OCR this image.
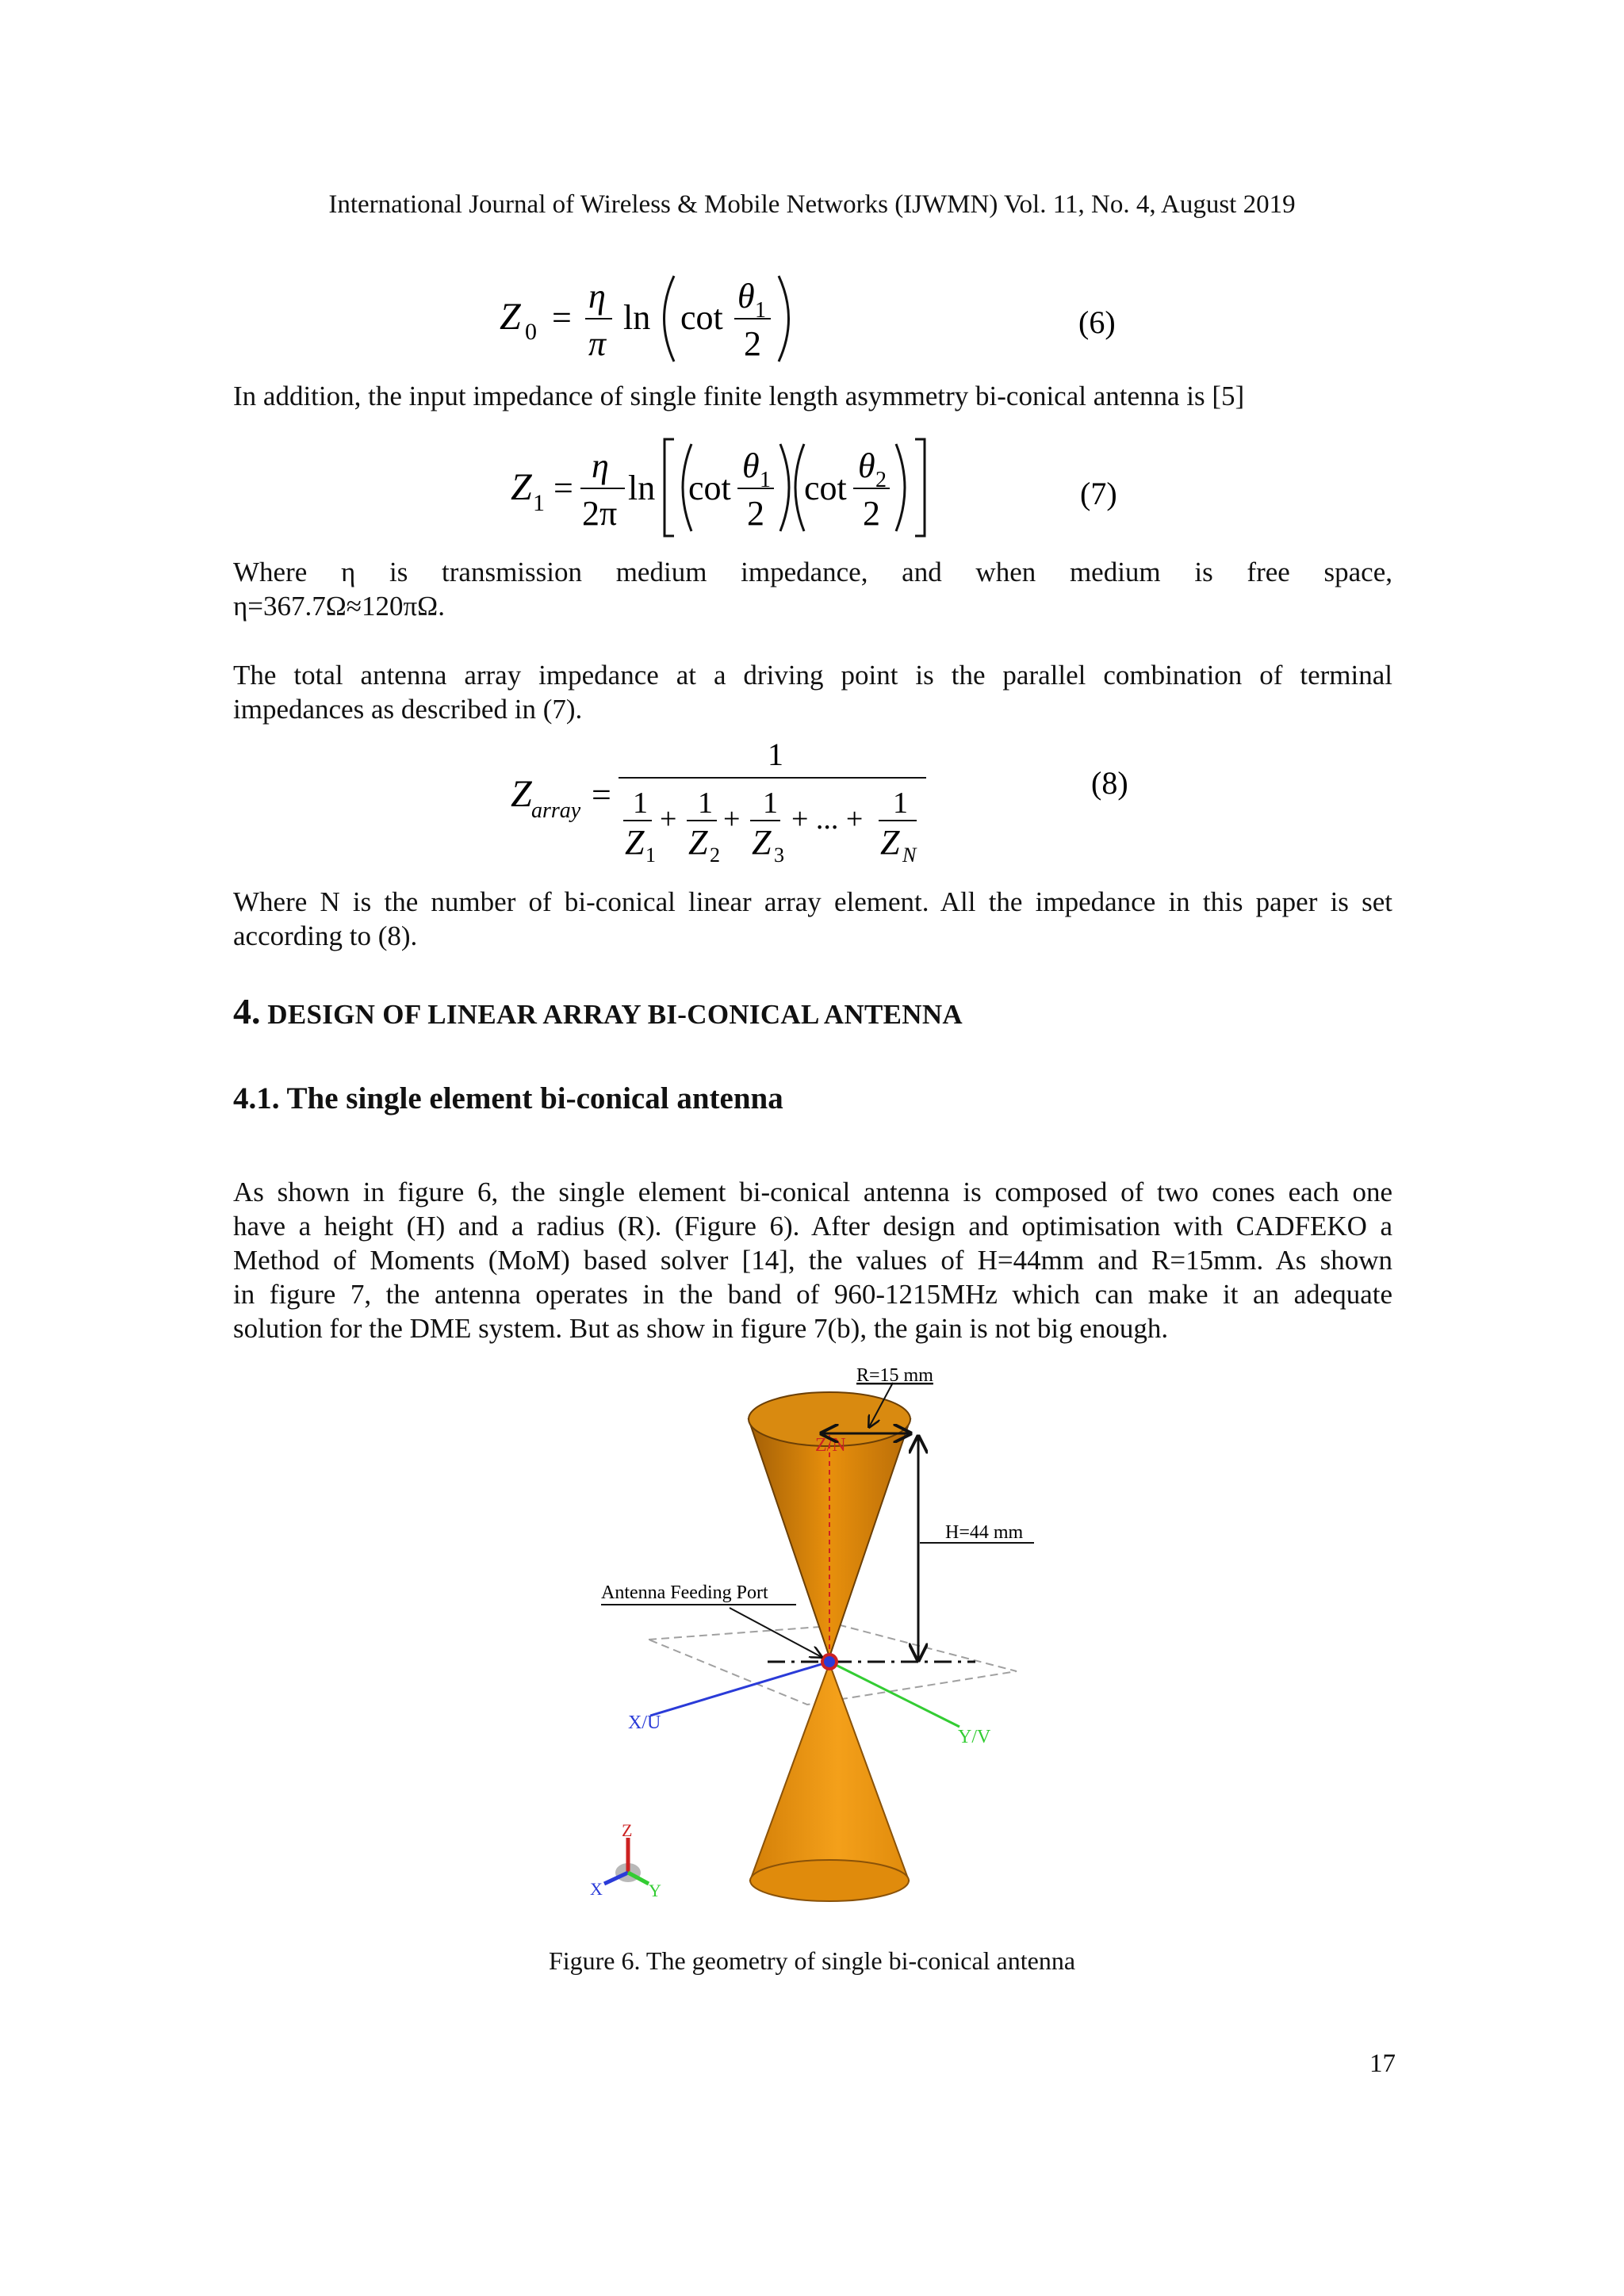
International Journal of Wireless & Mobile Networks (IJWMN) Vol. 11, No. 4, August 2019
Z 0 =
η
π
ln cot
θ 1
2
(6)
In addition, the input impedance of single finite length asymmetry bi-conical antenna is [5]
Z 1 =
η
2π
ln cot
θ 1
2
cot
θ 2
2
(7)
Where η is transmission medium impedance, and when medium is free space,
η=367.7Ω≈120πΩ.
The total antenna array impedance at a driving point is the parallel combination of terminal
impedances as described in (7).
Z array =
1
1
Z 1
+ 1
Z 2
+ 1
Z 3
+ ... + 1
Z N
(8)
Where N is the number of bi-conical linear array element. All the impedance in this paper is set
according to (8).
4. DESIGN OF LINEAR ARRAY BI-CONICAL ANTENNA
4.1. The single element bi-conical antenna
As shown in figure 6, the single element bi-conical antenna is composed of two cones each one
have a height (H) and a radius (R). (Figure 6). After design and optimisation with CADFEKO a
Method of Moments (MoM) based solver [14], the values of H=44mm and R=15mm. As shown
in figure 7, the antenna operates in the band of 960-1215MHz which can make it an adequate
solution for the DME system. But as show in figure 7(b), the gain is not big enough.
Z/N
X/U
Y/V
R=15 mm
H=44 mm
Antenna Feeding Port
Z
X	Y
Figure 6. The geometry of single bi-conical antenna
17
